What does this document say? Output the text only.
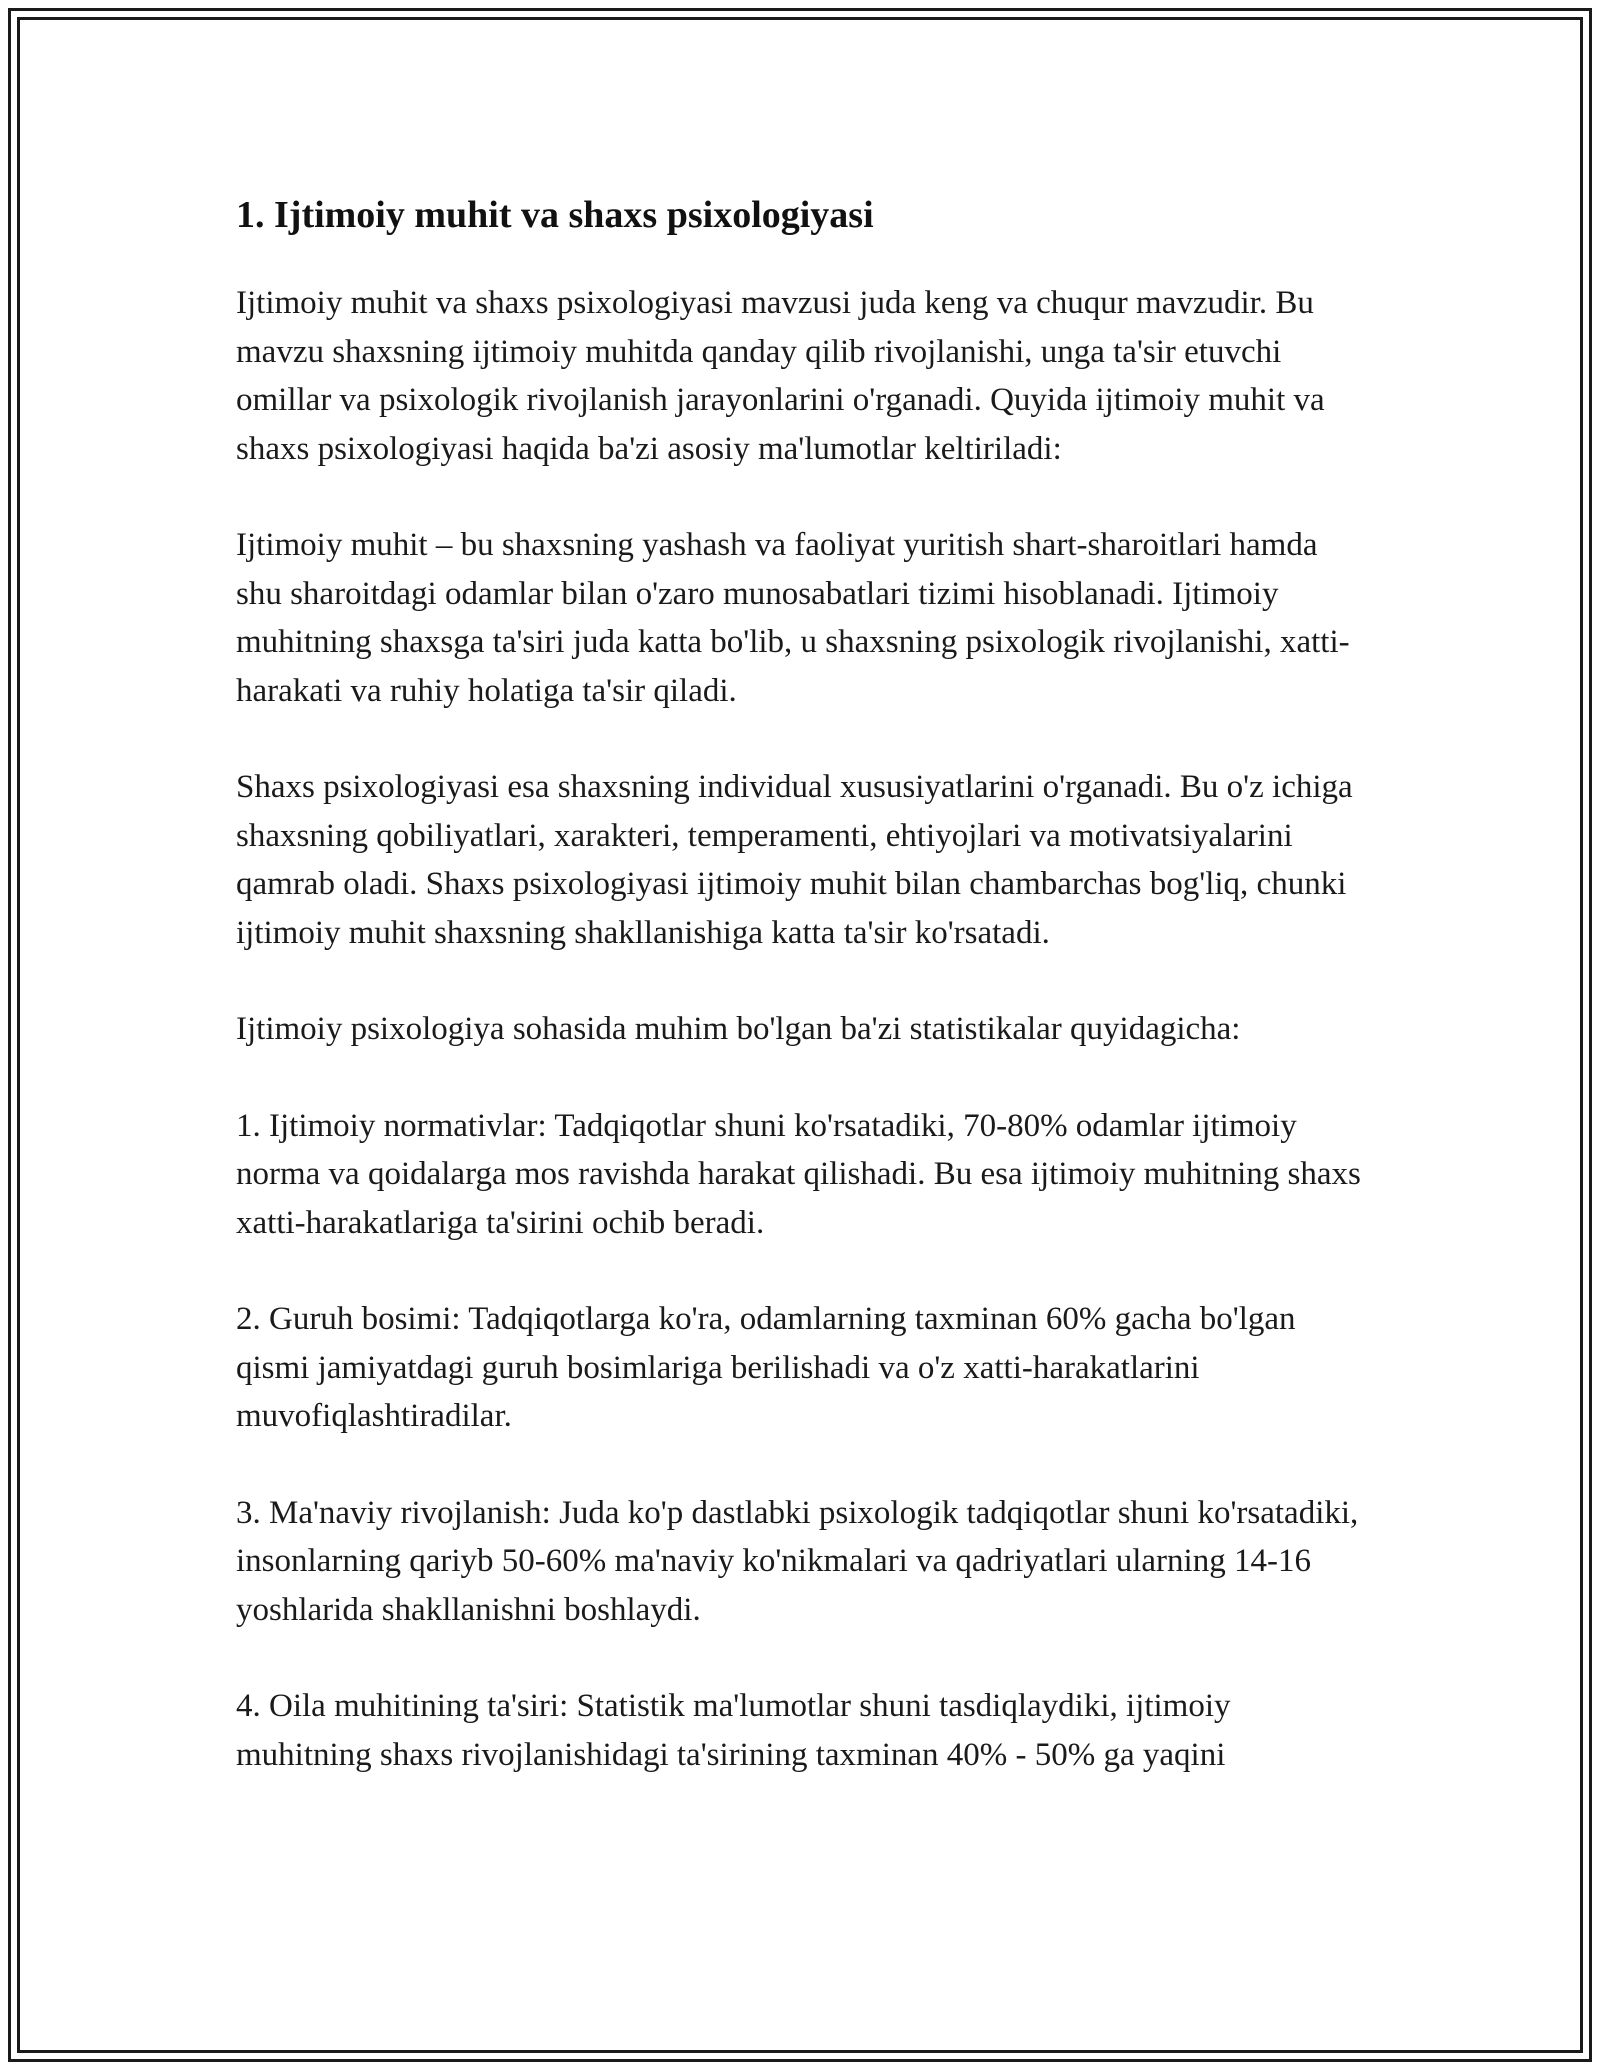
1. Ijtimoiy muhit va shaxs psixologiyasi

Ijtimoiy muhit va shaxs psixologiyasi mavzusi juda keng va chuqur mavzudir. Bu mavzu shaxsning ijtimoiy muhitda qanday qilib rivojlanishi, unga ta'sir etuvchi omillar va psixologik rivojlanish jarayonlarini o'rganadi. Quyida ijtimoiy muhit va shaxs psixologiyasi haqida ba'zi asosiy ma'lumotlar keltiriladi:

Ijtimoiy muhit – bu shaxsning yashash va faoliyat yuritish shart-sharoitlari hamda shu sharoitdagi odamlar bilan o'zaro munosabatlari tizimi hisoblanadi. Ijtimoiy muhitning shaxsga ta'siri juda katta bo'lib, u shaxsning psixologik rivojlanishi, xatti-harakati va ruhiy holatiga ta'sir qiladi.

Shaxs psixologiyasi esa shaxsning individual xususiyatlarini o'rganadi. Bu o'z ichiga shaxsning qobiliyatlari, xarakteri, temperamenti, ehtiyojlari va motivatsiyalarini qamrab oladi. Shaxs psixologiyasi ijtimoiy muhit bilan chambarchas bog'liq, chunki ijtimoiy muhit shaxsning shakllanishiga katta ta'sir ko'rsatadi.

Ijtimoiy psixologiya sohasida muhim bo'lgan ba'zi statistikalar quyidagicha:

1. Ijtimoiy normativlar: Tadqiqotlar shuni ko'rsatadiki, 70-80% odamlar ijtimoiy norma va qoidalarga mos ravishda harakat qilishadi. Bu esa ijtimoiy muhitning shaxs xatti-harakatlariga ta'sirini ochib beradi.

2. Guruh bosimi: Tadqiqotlarga ko'ra, odamlarning taxminan 60% gacha bo'lgan qismi jamiyatdagi guruh bosimlariga berilishadi va o'z xatti-harakatlarini muvofiqlashtiradilar.

3. Ma'naviy rivojlanish: Juda ko'p dastlabki psixologik tadqiqotlar shuni ko'rsatadiki, insonlarning qariyb 50-60% ma'naviy ko'nikmalari va qadriyatlari ularning 14-16 yoshlarida shakllanishni boshlaydi.

4. Oila muhitining ta'siri: Statistik ma'lumotlar shuni tasdiqlaydiki, ijtimoiy muhitning shaxs rivojlanishidagi ta'sirining taxminan 40% - 50% ga yaqini
